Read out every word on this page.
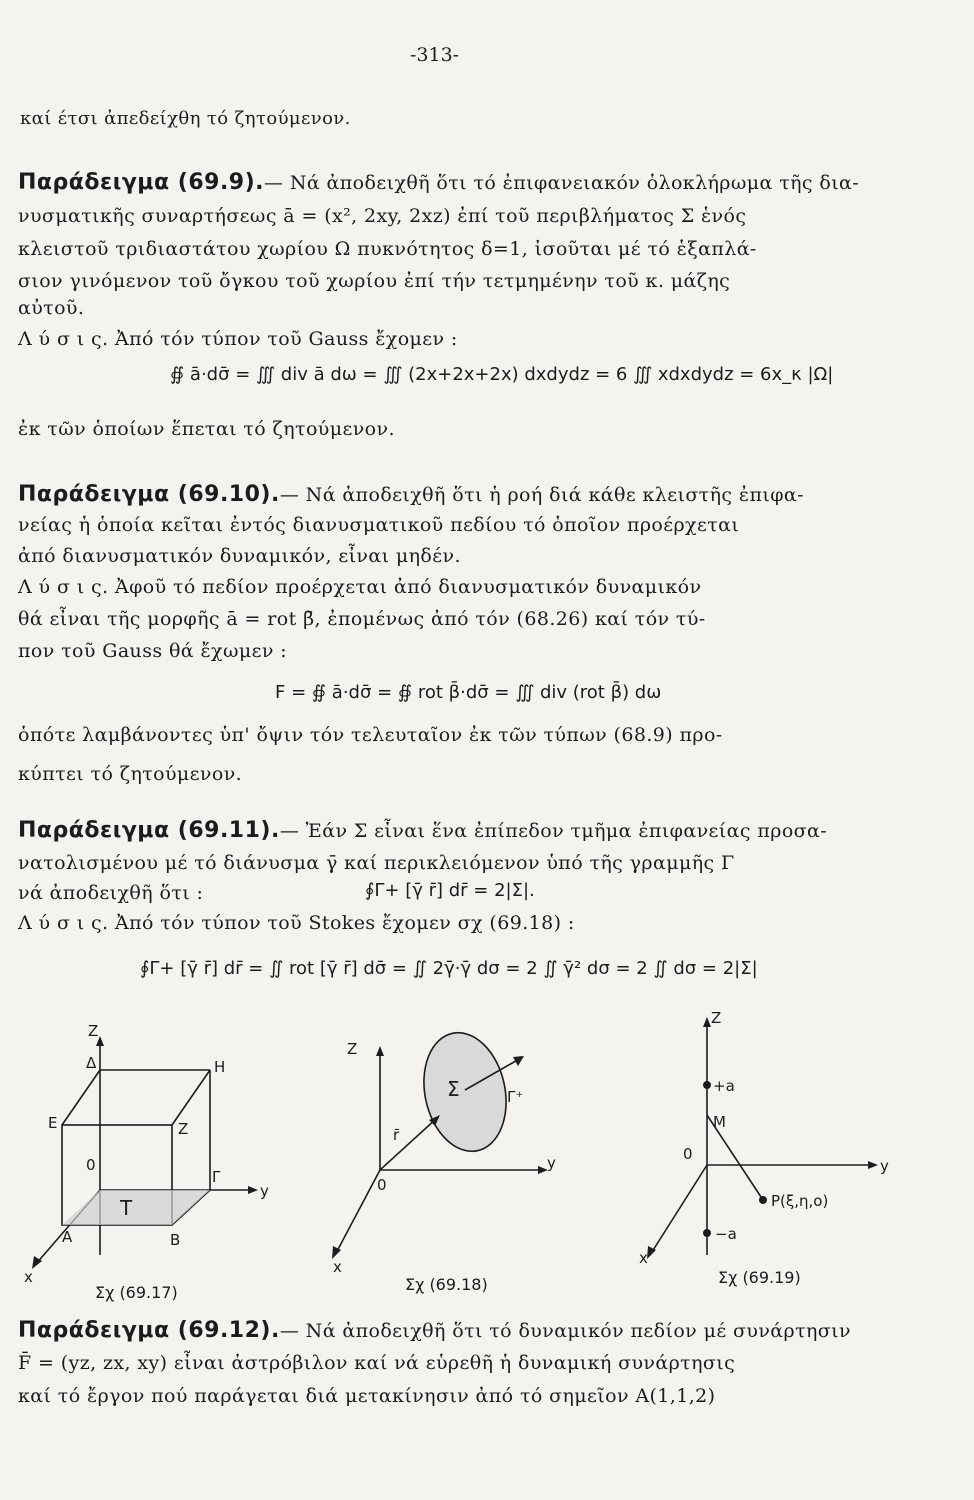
-313-
καί έτσι ἀπεδείχθη τό ζητούμενον.
Παράδειγμα (69.9).— Νά ἀποδειχθῆ ὅτι τό ἐπιφανειακόν ὁλοκλήρωμα τῆς δια-
νυσματικῆς συναρτήσεως ā = (x², 2xy, 2xz) ἐπί τοῦ περιβλήματος Σ ἑνός
κλειστοῦ τριδιαστάτου χωρίου Ω πυκνότητος δ=1, ἰσοῦται μέ τό ἑξαπλά-
σιον γινόμενον τοῦ ὄγκου τοῦ χωρίου ἐπί τήν τετμημένην τοῦ κ. μάζης
αὐτοῦ.
Λ ύ σ ι ς. Ἀπό τόν τύπον τοῦ Gauss ἔχομεν :
∯ ā·dσ̄ = ∭ div ā dω = ∭ (2x+2x+2x) dxdydz = 6 ∭ xdxdydz = 6x_κ |Ω|
ἐκ τῶν ὁποίων ἕπεται τό ζητούμενον.
Παράδειγμα (69.10).— Νά ἀποδειχθῆ ὅτι ἡ ροή διά κάθε κλειστῆς ἐπιφα-
νείας ἡ ὁποία κεῖται ἐντός διανυσματικοῦ πεδίου τό ὁποῖον προέρχεται
ἀπό διανυσματικόν δυναμικόν, εἶναι μηδέν.
Λ ύ σ ι ς. Ἀφοῦ τό πεδίον προέρχεται ἀπό διανυσματικόν δυναμικόν
θά εἶναι τῆς μορφῆς ā = rot β̄, ἐπομένως ἀπό τόν (68.26) καί τόν τύ-
πον τοῦ Gauss θά ἔχωμεν :
F = ∯ ā·dσ̄ = ∯ rot β̄·dσ̄ = ∭ div (rot β̄) dω
ὁπότε λαμβάνοντες ὑπ' ὄψιν τόν τελευταῖον ἐκ τῶν τύπων (68.9) προ-
κύπτει τό ζητούμενον.
Παράδειγμα (69.11).— Ἐάν Σ εἶναι ἕνα ἐπίπεδον τμῆμα ἐπιφανείας προσα-
νατολισμένου μέ τό διάνυσμα γ̄ καί περικλειόμενον ὑπό τῆς γραμμῆς Γ
νά ἀποδειχθῆ ὅτι :	∮Γ+ [γ̄ r̄] dr̄ = 2|Σ|.
Λ ύ σ ι ς. Ἀπό τόν τύπον τοῦ Stokes ἔχομεν σχ (69.18) :
∮Γ+ [γ̄ r̄] dr̄ = ∬ rot [γ̄ r̄] dσ̄ = ∬ 2γ̄·γ̄ dσ = 2 ∬ γ̄² dσ = 2 ∬ dσ = 2|Σ|
Z
y
x
Δ	H
E	Z
0
Γ
T
A	B
Σχ (69.17)
Z
y
x
0
r̄
Σ	Γ⁺
Σχ (69.18)
Z
y
x
0
+a
M
−a
P(ξ,η,ο)
Σχ (69.19)
Παράδειγμα (69.12).— Νά ἀποδειχθῆ ὅτι τό δυναμικόν πεδίον μέ συνάρτησιν
F̄ = (yz, zx, xy) εἶναι ἀστρόβιλον καί νά εὑρεθῆ ἡ δυναμική συνάρτησις
καί τό ἔργον πού παράγεται διά μετακίνησιν ἀπό τό σημεῖον Α(1,1,2)
